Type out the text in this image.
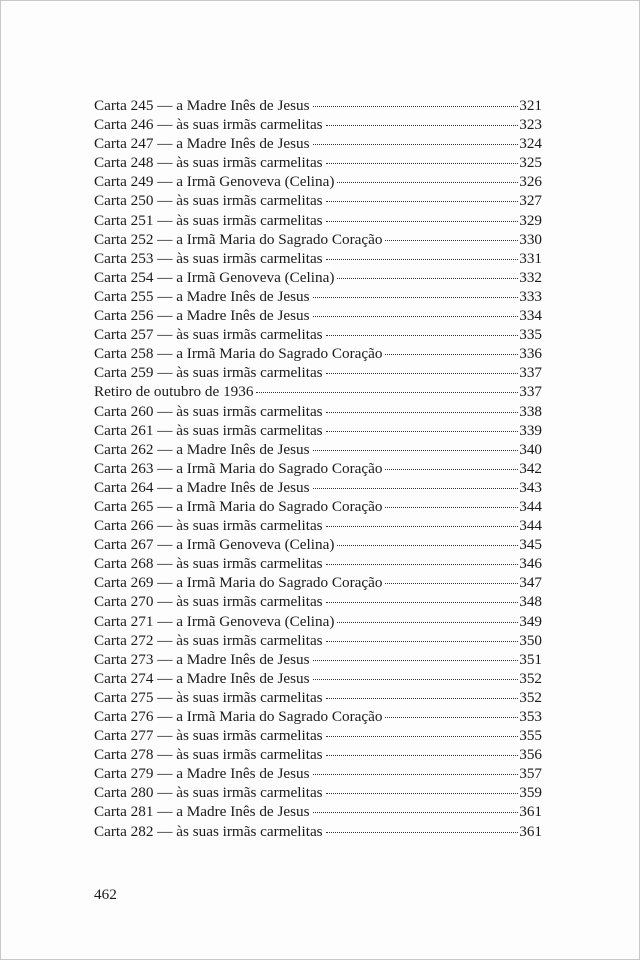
Carta 245 — a Madre Inês de Jesus	321
Carta 246 — às suas irmãs carmelitas	323
Carta 247 — a Madre Inês de Jesus	324
Carta 248 — às suas irmãs carmelitas	325
Carta 249 — a Irmã Genoveva (Celina)	326
Carta 250 — às suas irmãs carmelitas	327
Carta 251 — às suas irmãs carmelitas	329
Carta 252 — a Irmã Maria do Sagrado Coração	330
Carta 253 — às suas irmãs carmelitas	331
Carta 254 — a Irmã Genoveva (Celina)	332
Carta 255 — a Madre Inês de Jesus	333
Carta 256 — a Madre Inês de Jesus	334
Carta 257 — às suas irmãs carmelitas	335
Carta 258 — a Irmã Maria do Sagrado Coração	336
Carta 259 — às suas irmãs carmelitas	337
Retiro de outubro de 1936	337
Carta 260 — às suas irmãs carmelitas	338
Carta 261 — às suas irmãs carmelitas	339
Carta 262 — a Madre Inês de Jesus	340
Carta 263 — a Irmã Maria do Sagrado Coração	342
Carta 264 — a Madre Inês de Jesus	343
Carta 265 — a Irmã Maria do Sagrado Coração	344
Carta 266 — às suas irmãs carmelitas	344
Carta 267 — a Irmã Genoveva (Celina)	345
Carta 268 — às suas irmãs carmelitas	346
Carta 269 — a Irmã Maria do Sagrado Coração	347
Carta 270 — às suas irmãs carmelitas	348
Carta 271 — a Irmã Genoveva (Celina)	349
Carta 272 — às suas irmãs carmelitas	350
Carta 273 — a Madre Inês de Jesus	351
Carta 274 — a Madre Inês de Jesus	352
Carta 275 — às suas irmãs carmelitas	352
Carta 276 — a Irmã Maria do Sagrado Coração	353
Carta 277 — às suas irmãs carmelitas	355
Carta 278 — às suas irmãs carmelitas	356
Carta 279 — a Madre Inês de Jesus	357
Carta 280 — às suas irmãs carmelitas	359
Carta 281 — a Madre Inês de Jesus	361
Carta 282 — às suas irmãs carmelitas	361
462
